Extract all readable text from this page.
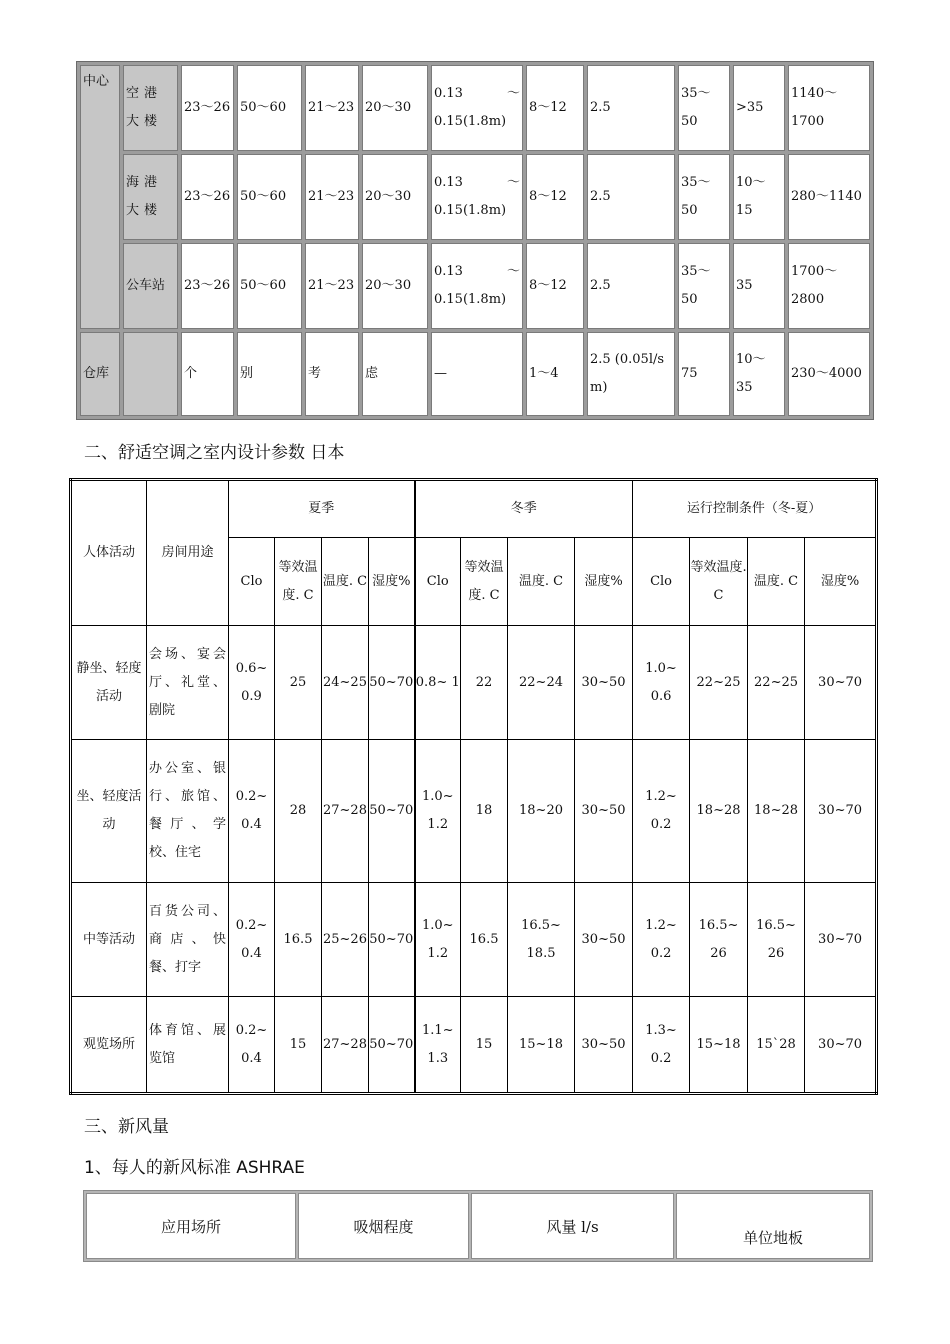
中心	空港大楼	23～26	50～60	21～23	20～30	0.13 ～
0.15(1.8m)	8～12	2.5	35～50	>35	1140～1700
	海港大楼	23～26	50～60	21～23	20～30	0.13 ～
0.15(1.8m)	8～12	2.5	35～50	10～15	280～1140
	公车站	23～26	50～60	21～23	20～30	0.13 ～
0.15(1.8m)	8～12	2.5	35～50	35	1700～2800
仓库		个	别	考	虑	—	1～4	2.5 (0.05l/s m)	75	10～35	230～4000
二、舒适空调之室内设计参数 日本
人体活动	房间用途	夏季				冬季				运行控制条件（冬-夏）			
		Clo	等效温度. C	温度. C	湿度%	Clo	等效温度. C	温度. C	湿度%	Clo	等效温度. C	温度. C	湿度%
静坐、轻度活动	会场、宴会厅、礼堂、剧院	0.6~ 0.9	25	24~25	50~70	0.8~ 1	22	22~24	30~50	1.0~ 0.6	22~25	22~25	30~70
坐、轻度活动	办公室、银行、旅馆、餐厅、学校、住宅	0.2~ 0.4	28	27~28	50~70	1.0~ 1.2	18	18~20	30~50	1.2~ 0.2	18~28	18~28	30~70
中等活动	百货公司、商店、快餐、打字	0.2~ 0.4	16.5	25~26	50~70	1.0~ 1.2	16.5	16.5~ 18.5	30~50	1.2~ 0.2	16.5~ 26	16.5~ 26	30~70
观览场所	体育馆、展览馆	0.2~ 0.4	15	27~28	50~70	1.1~ 1.3	15	15~18	30~50	1.3~ 0.2	15~18	15`28	30~70
三、新风量
1、每人的新风标准 ASHRAE
应用场所	吸烟程度	风量 l/s	单位地板
